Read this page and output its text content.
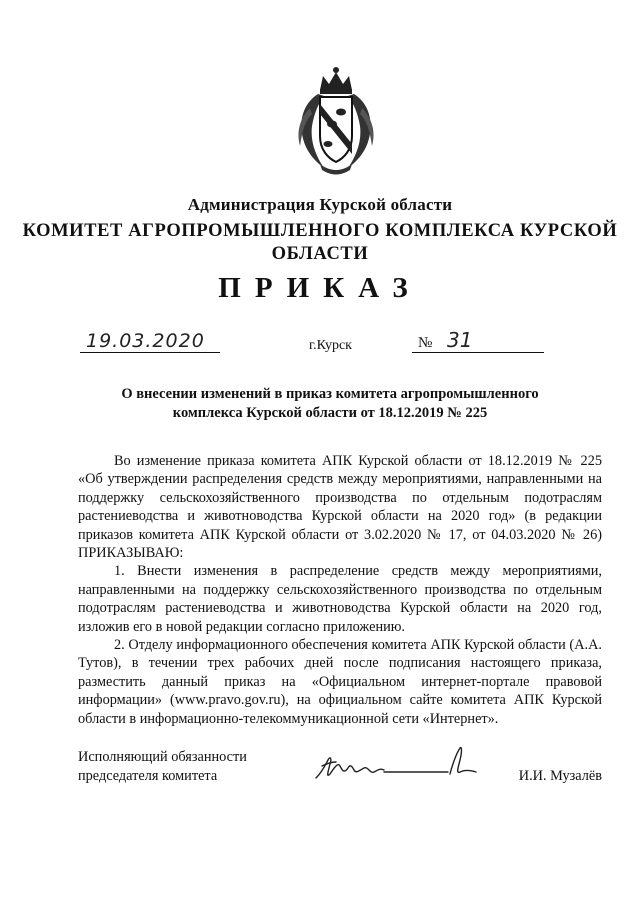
Администрация Курской области
КОМИТЕТ АГРОПРОМЫШЛЕННОГО КОМПЛЕКСА КУРСКОЙ ОБЛАСТИ
ПРИКАЗ
19.03.2020	г.Курск	№ 31
О внесении изменений в приказ комитета агропромышленного комплекса Курской области от 18.12.2019 № 225

Во изменение приказа комитета АПК Курской области от 18.12.2019 № 225 «Об утверждении распределения средств между мероприятиями, направленными на поддержку сельскохозяйственного производства по отдельным подотраслям растениеводства и животноводства Курской области на 2020 год» (в редакции приказов комитета АПК Курской области от 3.02.2020 № 17, от 04.03.2020 № 26) ПРИКАЗЫВАЮ:

1. Внести изменения в распределение средств между мероприятиями, направленными на поддержку сельскохозяйственного производства по отдельным подотраслям растениеводства и животноводства Курской области на 2020 год, изложив его в новой редакции согласно приложению.

2. Отделу информационного обеспечения комитета АПК Курской области (А.А. Тутов), в течении трех рабочих дней после подписания настоящего приказа, разместить данный приказ на «Официальном интернет-портале правовой информации» (www.pravo.gov.ru), на официальном сайте комитета АПК Курской области в информационно-телекоммуникационной сети «Интернет».

Исполняющий обязанности
председателя комитета	И.И. Музалёв
